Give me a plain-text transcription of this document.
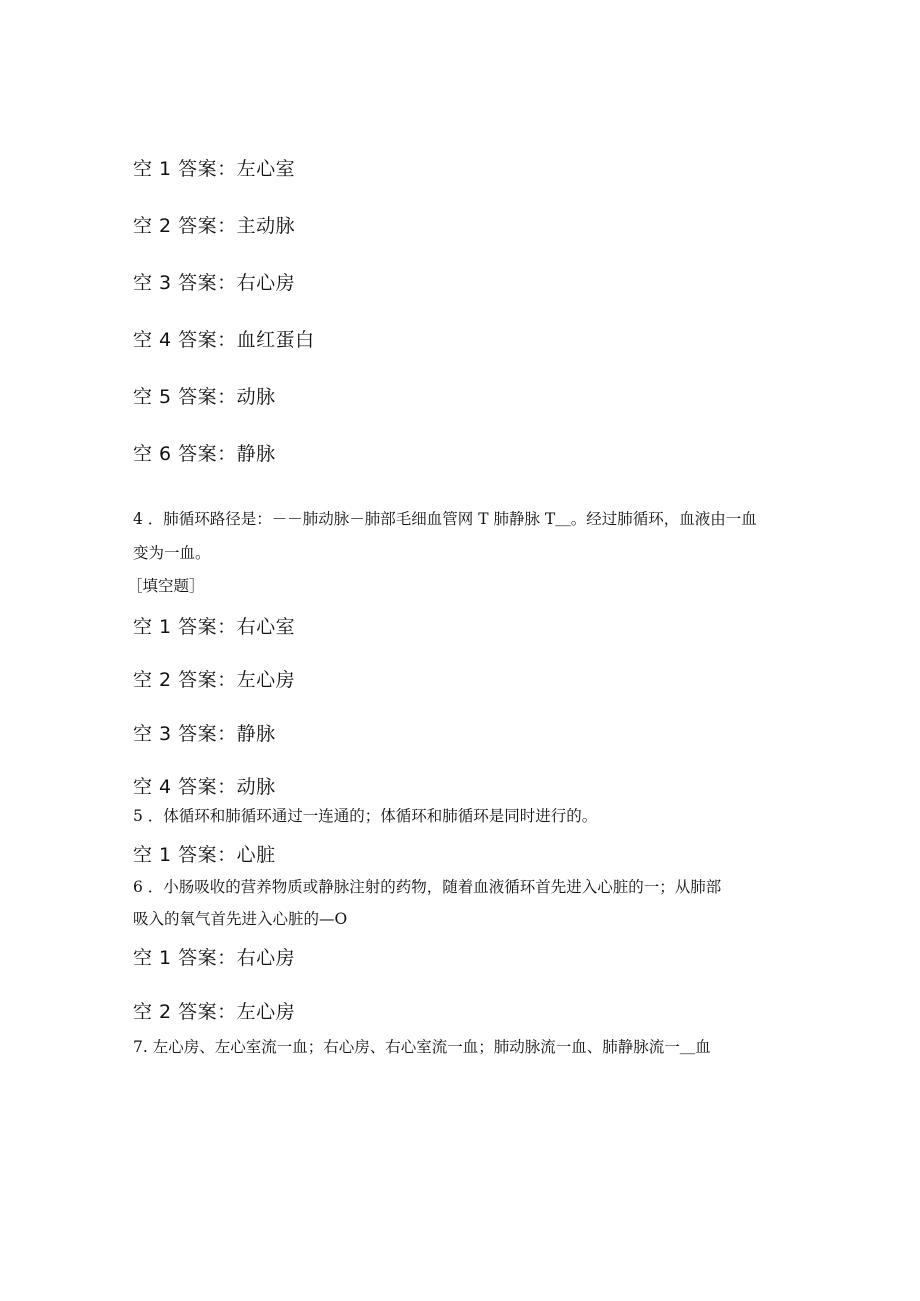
空 1 答案：左心室
空 2 答案：主动脉
空 3 答案：右心房
空 4 答案：血红蛋白
空 5 答案：动脉
空 6 答案：静脉
4 ．肺循环路径是：－－肺动脉－肺部毛细血管网 T 肺静脉 T＿。经过肺循环，血液由一血
变为一血。
［填空题］
空 1 答案：右心室
空 2 答案：左心房
空 3 答案：静脉
空 4 答案：动脉
5 ．体循环和肺循环通过一连通的；体循环和肺循环是同时进行的。
空 1 答案：心脏
6 ．小肠吸收的营养物质或静脉注射的药物，随着血液循环首先进入心脏的一；从肺部
吸入的氧气首先进入心脏的—O
空 1 答案：右心房
空 2 答案：左心房
7. 左心房、左心室流一血；右心房、右心室流一血；肺动脉流一血、肺静脉流一＿血
